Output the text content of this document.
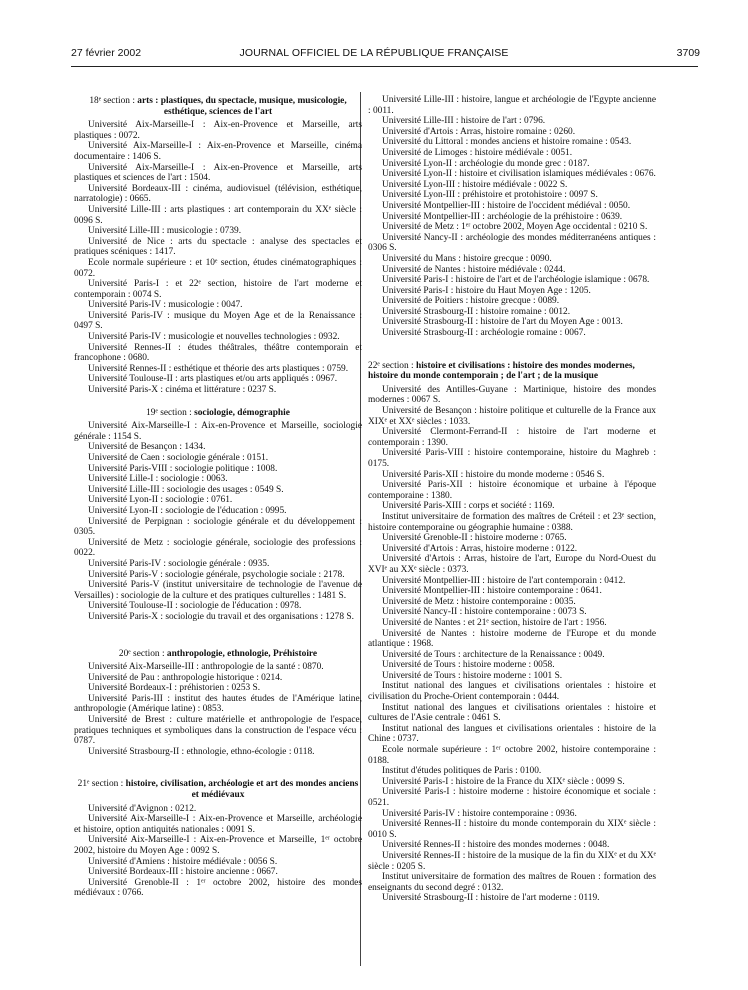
27 février 2002	JOURNAL OFFICIEL DE LA RÉPUBLIQUE FRANÇAISE	3709

18ᵉ section : arts : plastiques, du spectacle, musique, musicologie, esthétique, sciences de l'art

Université Aix-Marseille-I : Aix-en-Provence et Marseille, arts plastiques : 0072.

Université Aix-Marseille-I : Aix-en-Provence et Marseille, cinéma documentaire : 1406 S.

Université Aix-Marseille-I : Aix-en-Provence et Marseille, arts plastiques et sciences de l'art : 1504.

Université Bordeaux-III : cinéma, audiovisuel (télévision, esthétique, narratologie) : 0665.

Université Lille-III : arts plastiques : art contemporain du XXᵉ siècle : 0096 S.

Université Lille-III : musicologie : 0739.

Université de Nice : arts du spectacle : analyse des spectacles et pratiques scéniques : 1417.

Ecole normale supérieure : et 10ᵉ section, études cinématographiques : 0072.

Université Paris-I : et 22ᵉ section, histoire de l'art moderne et contemporain : 0074 S.

Université Paris-IV : musicologie : 0047.

Université Paris-IV : musique du Moyen Age et de la Renaissance : 0497 S.

Université Paris-IV : musicologie et nouvelles technologies : 0932.

Université Rennes-II : études théâtrales, théâtre contemporain et francophone : 0680.

Université Rennes-II : esthétique et théorie des arts plastiques : 0759.

Université Toulouse-II : arts plastiques et/ou arts appliqués : 0967.

Université Paris-X : cinéma et littérature : 0237 S.

19ᵉ section : sociologie, démographie

Université Aix-Marseille-I : Aix-en-Provence et Marseille, sociologie générale : 1154 S.

Université de Besançon : 1434.

Université de Caen : sociologie générale : 0151.

Université Paris-VIII : sociologie politique : 1008.

Université Lille-I : sociologie : 0063.

Université Lille-III : sociologie des usages : 0549 S.

Université Lyon-II : sociologie : 0761.

Université Lyon-II : sociologie de l'éducation : 0995.

Université de Perpignan : sociologie générale et du développement : 0305.

Université de Metz : sociologie générale, sociologie des professions : 0022.

Université Paris-IV : sociologie générale : 0935.

Université Paris-V : sociologie générale, psychologie sociale : 2178.

Université Paris-V (institut universitaire de technologie de l'avenue de Versailles) : sociologie de la culture et des pratiques culturelles : 1481 S.

Université Toulouse-II : sociologie de l'éducation : 0978.

Université Paris-X : sociologie du travail et des organisations : 1278 S.

20ᵉ section : anthropologie, ethnologie, Préhistoire

Université Aix-Marseille-III : anthropologie de la santé : 0870.

Université de Pau : anthropologie historique : 0214.

Université Bordeaux-I : préhistorien : 0253 S.

Université Paris-III : institut des hautes études de l'Amérique latine, anthropologie (Amérique latine) : 0853.

Université de Brest : culture matérielle et anthropologie de l'espace, pratiques techniques et symboliques dans la construction de l'espace vécu : 0787.

Université Strasbourg-II : ethnologie, ethno-écologie : 0118.

21ᵉ section : histoire, civilisation, archéologie et art des mondes anciens et médiévaux

Université d'Avignon : 0212.

Université Aix-Marseille-I : Aix-en-Provence et Marseille, archéologie et histoire, option antiquités nationales : 0091 S.

Université Aix-Marseille-I : Aix-en-Provence et Marseille, 1ᵉʳ octobre 2002, histoire du Moyen Age : 0092 S.

Université d'Amiens : histoire médiévale : 0056 S.

Université Bordeaux-III : histoire ancienne : 0667.

Université Grenoble-II : 1ᵉʳ octobre 2002, histoire des mondes médiévaux : 0766.

Université Lille-III : histoire, langue et archéologie de l'Egypte ancienne : 0011.

Université Lille-III : histoire de l'art : 0796.

Université d'Artois : Arras, histoire romaine : 0260.

Université du Littoral : mondes anciens et histoire romaine : 0543.

Université de Limoges : histoire médiévale : 0051.

Université Lyon-II : archéologie du monde grec : 0187.

Université Lyon-II : histoire et civilisation islamiques médiévales : 0676.

Université Lyon-III : histoire médiévale : 0022 S.

Université Lyon-III : préhistoire et protohistoire : 0097 S.

Université Montpellier-III : histoire de l'occident médiéval : 0050.

Université Montpellier-III : archéologie de la préhistoire : 0639.

Université de Metz : 1ᵉʳ octobre 2002, Moyen Age occidental : 0210 S.

Université Nancy-II : archéologie des mondes méditerranéens antiques : 0306 S.

Université du Mans : histoire grecque : 0090.

Université de Nantes : histoire médiévale : 0244.

Université Paris-I : histoire de l'art et de l'archéologie islamique : 0678.

Université Paris-I : histoire du Haut Moyen Age : 1205.

Université de Poitiers : histoire grecque : 0089.

Université Strasbourg-II : histoire romaine : 0012.

Université Strasbourg-II : histoire de l'art du Moyen Age : 0013.

Université Strasbourg-II : archéologie romaine : 0067.

22ᵉ section : histoire et civilisations : histoire des mondes modernes, histoire du monde contemporain ; de l'art ; de la musique

Université des Antilles-Guyane : Martinique, histoire des mondes modernes : 0067 S.

Université de Besançon : histoire politique et culturelle de la France aux XIXᵉ et XXᵉ siècles : 1033.

Université Clermont-Ferrand-II : histoire de l'art moderne et contemporain : 1390.

Université Paris-VIII : histoire contemporaine, histoire du Maghreb : 0175.

Université Paris-XII : histoire du monde moderne : 0546 S.

Université Paris-XII : histoire économique et urbaine à l'époque contemporaine : 1380.

Université Paris-XIII : corps et société : 1169.

Institut universitaire de formation des maîtres de Créteil : et 23ᵉ section, histoire contemporaine ou géographie humaine : 0388.

Université Grenoble-II : histoire moderne : 0765.

Université d'Artois : Arras, histoire moderne : 0122.

Université d'Artois : Arras, histoire de l'art, Europe du Nord-Ouest du XVIᵉ au XXᵉ siècle : 0373.

Université Montpellier-III : histoire de l'art contemporain : 0412.

Université Montpellier-III : histoire contemporaine : 0641.

Université de Metz : histoire contemporaine : 0035.

Université Nancy-II : histoire contemporaine : 0073 S.

Université de Nantes : et 21ᵉ section, histoire de l'art : 1956.

Université de Nantes : histoire moderne de l'Europe et du monde atlantique : 1968.

Université de Tours : architecture de la Renaissance : 0049.

Université de Tours : histoire moderne : 0058.

Université de Tours : histoire moderne : 1001 S.

Institut national des langues et civilisations orientales : histoire et civilisation du Proche-Orient contemporain : 0444.

Institut national des langues et civilisations orientales : histoire et cultures de l'Asie centrale : 0461 S.

Institut national des langues et civilisations orientales : histoire de la Chine : 0737.

Ecole normale supérieure : 1ᵉʳ octobre 2002, histoire contemporaine : 0188.

Institut d'études politiques de Paris : 0100.

Université Paris-I : histoire de la France du XIXᵉ siècle : 0099 S.

Université Paris-I : histoire moderne : histoire économique et sociale : 0521.

Université Paris-IV : histoire contemporaine : 0936.

Université Rennes-II : histoire du monde contemporain du XIXᵉ siècle : 0010 S.

Université Rennes-II : histoire des mondes modernes : 0048.

Université Rennes-II : histoire de la musique de la fin du XIXᵉ et du XXᵉ siècle : 0205 S.

Institut universitaire de formation des maîtres de Rouen : formation des enseignants du second degré : 0132.

Université Strasbourg-II : histoire de l'art moderne : 0119.
